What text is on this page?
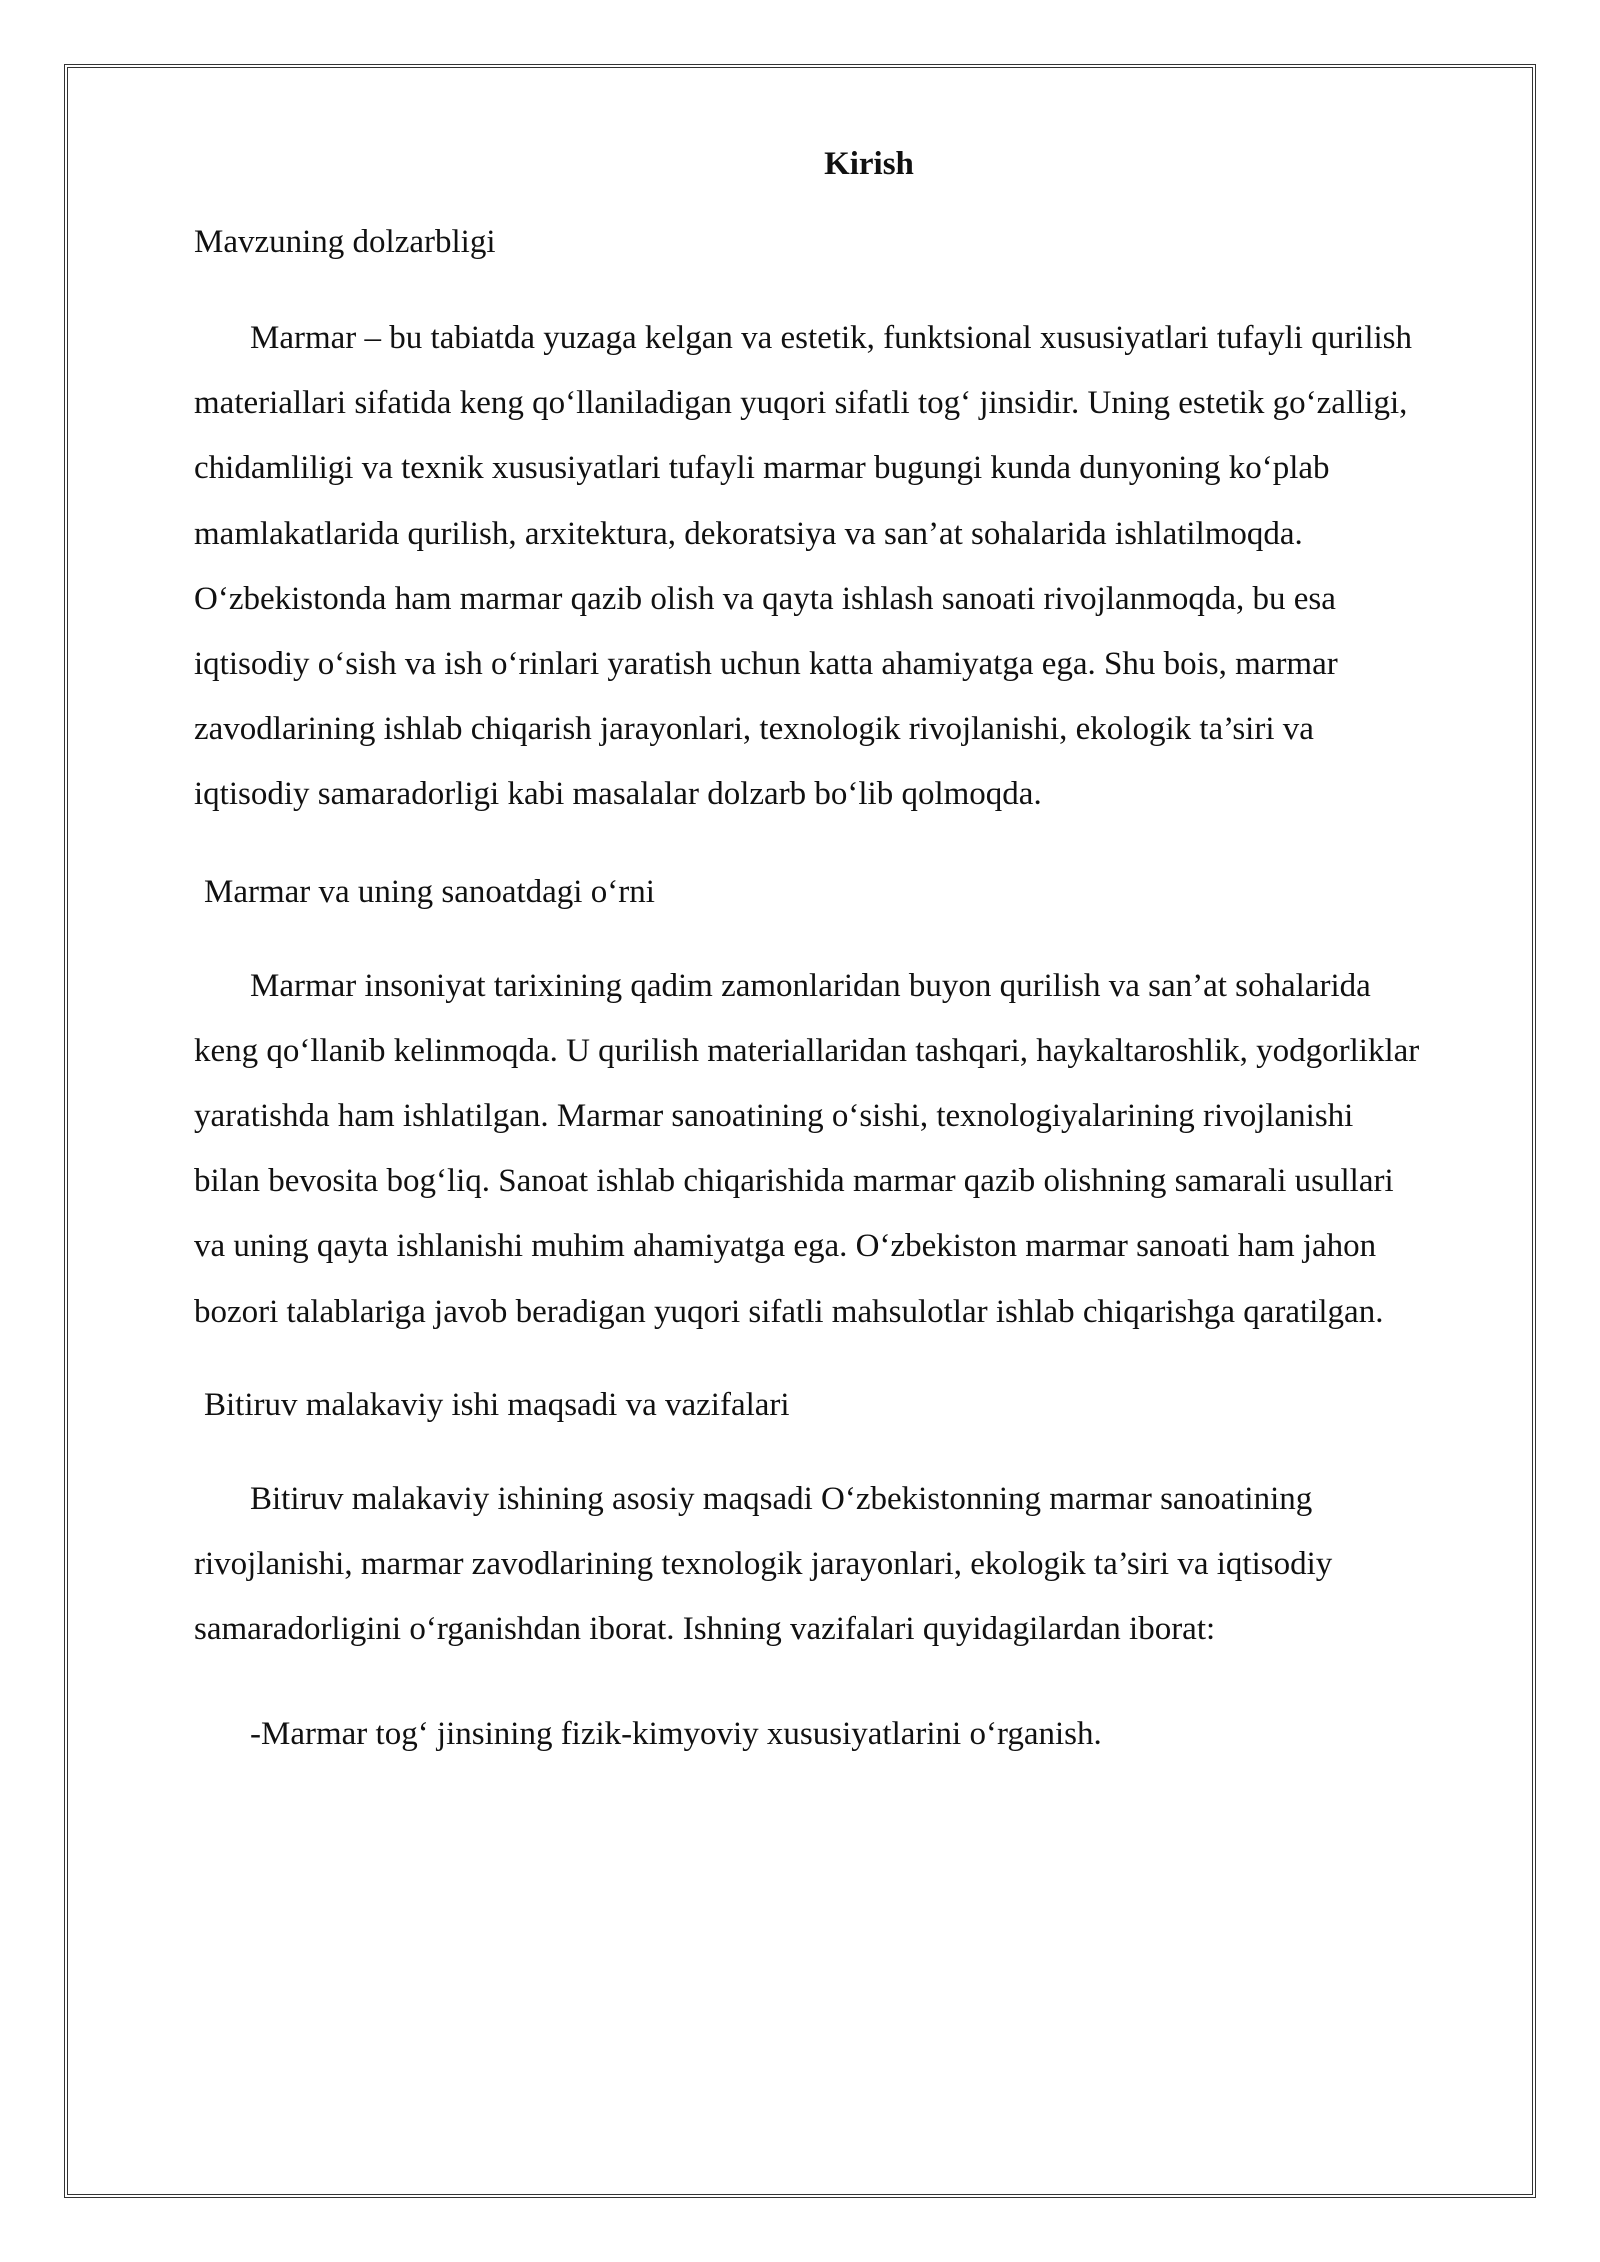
Kirish

Mavzuning dolzarbligi

Marmar – bu tabiatda yuzaga kelgan va estetik, funktsional xususiyatlari tufayli qurilish materiallari sifatida keng qo‘llaniladigan yuqori sifatli tog‘ jinsidir. Uning estetik go‘zalligi, chidamliligi va texnik xususiyatlari tufayli marmar bugungi kunda dunyoning ko‘plab mamlakatlarida qurilish, arxitektura, dekoratsiya va san’at sohalarida ishlatilmoqda. O‘zbekistonda ham marmar qazib olish va qayta ishlash sanoati rivojlanmoqda, bu esa iqtisodiy o‘sish va ish o‘rinlari yaratish uchun katta ahamiyatga ega. Shu bois, marmar zavodlarining ishlab chiqarish jarayonlari, texnologik rivojlanishi, ekologik ta’siri va iqtisodiy samaradorligi kabi masalalar dolzarb bo‘lib qolmoqda.

Marmar va uning sanoatdagi o‘rni

Marmar insoniyat tarixining qadim zamonlaridan buyon qurilish va san’at sohalarida keng qo‘llanib kelinmoqda. U qurilish materiallaridan tashqari, haykaltaroshlik, yodgorliklar yaratishda ham ishlatilgan. Marmar sanoatining o‘sishi, texnologiyalarining rivojlanishi bilan bevosita bog‘liq. Sanoat ishlab chiqarishida marmar qazib olishning samarali usullari va uning qayta ishlanishi muhim ahamiyatga ega. O‘zbekiston marmar sanoati ham jahon bozori talablariga javob beradigan yuqori sifatli mahsulotlar ishlab chiqarishga qaratilgan.

Bitiruv malakaviy ishi maqsadi va vazifalari

Bitiruv malakaviy ishining asosiy maqsadi O‘zbekistonning marmar sanoatining rivojlanishi, marmar zavodlarining texnologik jarayonlari, ekologik ta’siri va iqtisodiy samaradorligini o‘rganishdan iborat. Ishning vazifalari quyidagilardan iborat:

-Marmar tog‘ jinsining fizik-kimyoviy xususiyatlarini o‘rganish.
